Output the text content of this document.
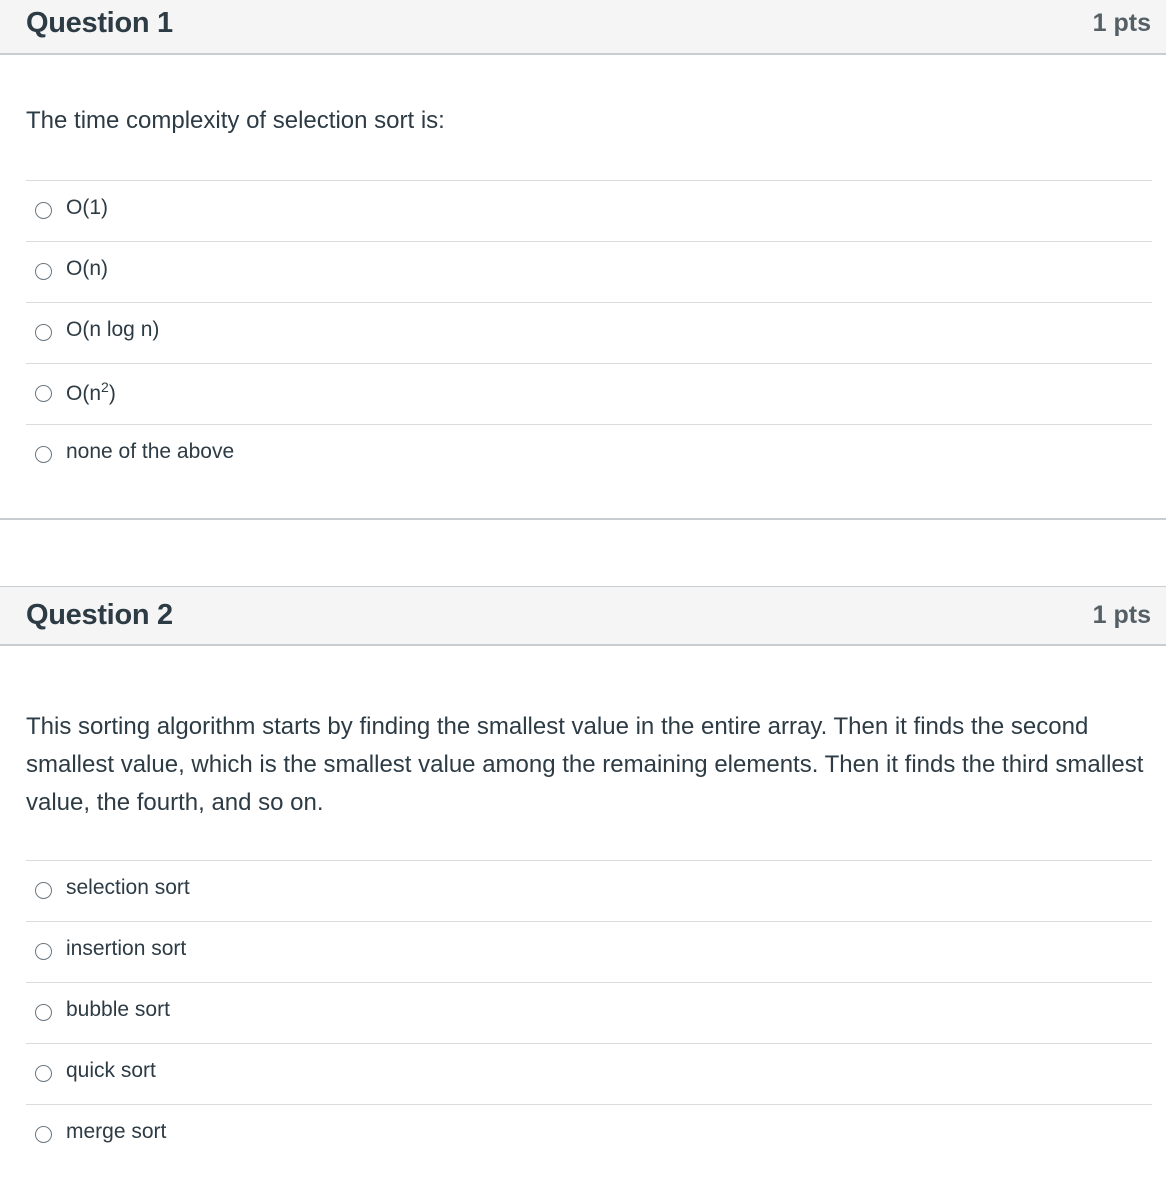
Question 1	1 pts
The time complexity of selection sort is:
O(1)
O(n)
O(n log n)
$O(n^2)$
none of the above
Question 2	1 pts
This sorting algorithm starts by finding the smallest value in the entire array. Then it finds the second smallest value, which is the smallest value among the remaining elements. Then it finds the third smallest value, the fourth, and so on.
selection sort
insertion sort
bubble sort
quick sort
merge sort
